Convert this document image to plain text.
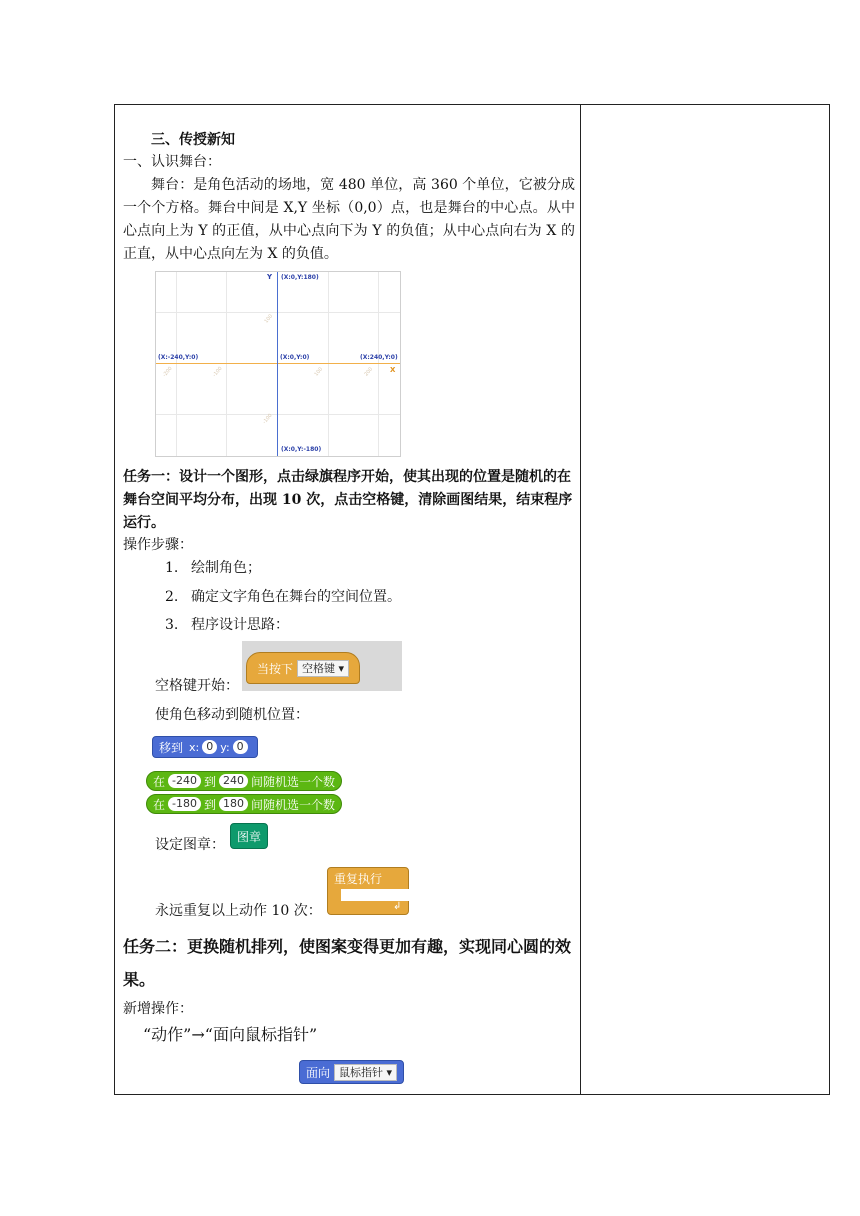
三、传授新知
一、认识舞台：
舞台：是角色活动的场地，宽 480 单位，高 360 个单位，它被分成一个个方格。舞台中间是 X,Y 坐标（0,0）点，也是舞台的中心点。从中心点向上为 Y 的正值，从中心点向下为 Y 的负值；从中心点向右为 X 的正直，从中心点向左为 X 的负值。
Y (X:0,Y:180)
(X:-240,Y:0)	(X:0,Y:0)	(X:240,Y:0)
X
(X:0,Y:-180)
100
-100
-200	-100	100	200
任务一：设计一个图形，点击绿旗程序开始，使其出现的位置是随机的在舞台空间平均分布，出现 10 次，点击空格键，清除画图结果，结束程序运行。
操作步骤：
1. 绘制角色；
2. 确定文字角色在舞台的空间位置。
3. 程序设计思路：
当按下 空格键 ▾
空格键开始：
使角色移动到随机位置：
移到 x: 0 y: 0
在 -240 到 240 间随机选一个数
在 -180 到 180 间随机选一个数
设定图章：
图章
重复执行
↲
永远重复以上动作 10 次：
任务二：更换随机排列，使图案变得更加有趣，实现同心圆的效果。
新增操作：
“动作”→“面向鼠标指针”
面向 鼠标指针 ▾
